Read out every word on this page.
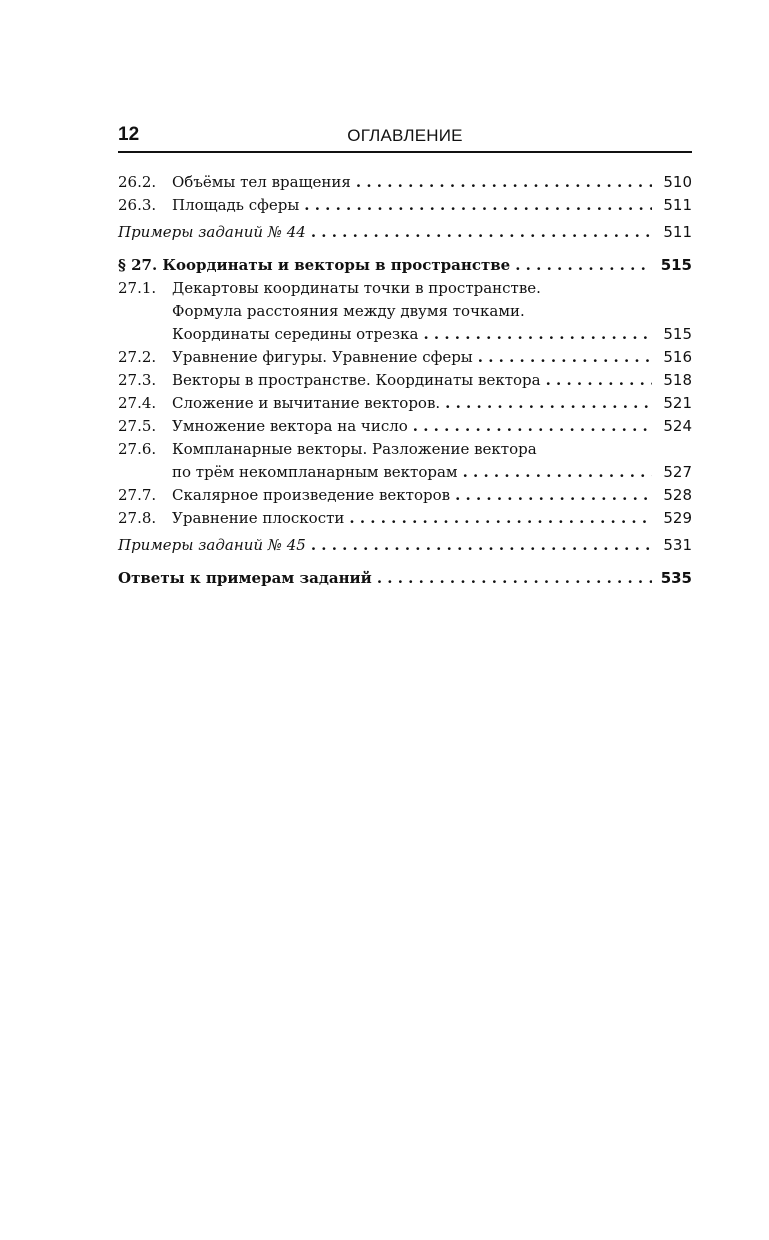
12	ОГЛАВЛЕНИЕ
26.2.	Объёмы тел вращения . . .	510
26.3.	Площадь сферы . . .	511
Примеры заданий № 44 . . .	511
§ 27. Координаты и векторы в пространстве . . .	515
27.1.	Декартовы координаты точки в пространстве.
Формула расстояния между двумя точками.
Координаты середины отрезка . . .	515
27.2.	Уравнение фигуры. Уравнение сферы . . .	516
27.3.	Векторы в пространстве. Координаты вектора . . .	518
27.4.	Сложение и вычитание векторов. . . .	521
27.5.	Умножение вектора на число . . .	524
27.6.	Компланарные векторы. Разложение вектора
по трём некомпланарным векторам . . .	527
27.7.	Скалярное произведение векторов . . .	528
27.8.	Уравнение плоскости . . .	529
Примеры заданий № 45 . . .	531
Ответы к примерам заданий . . .	535
